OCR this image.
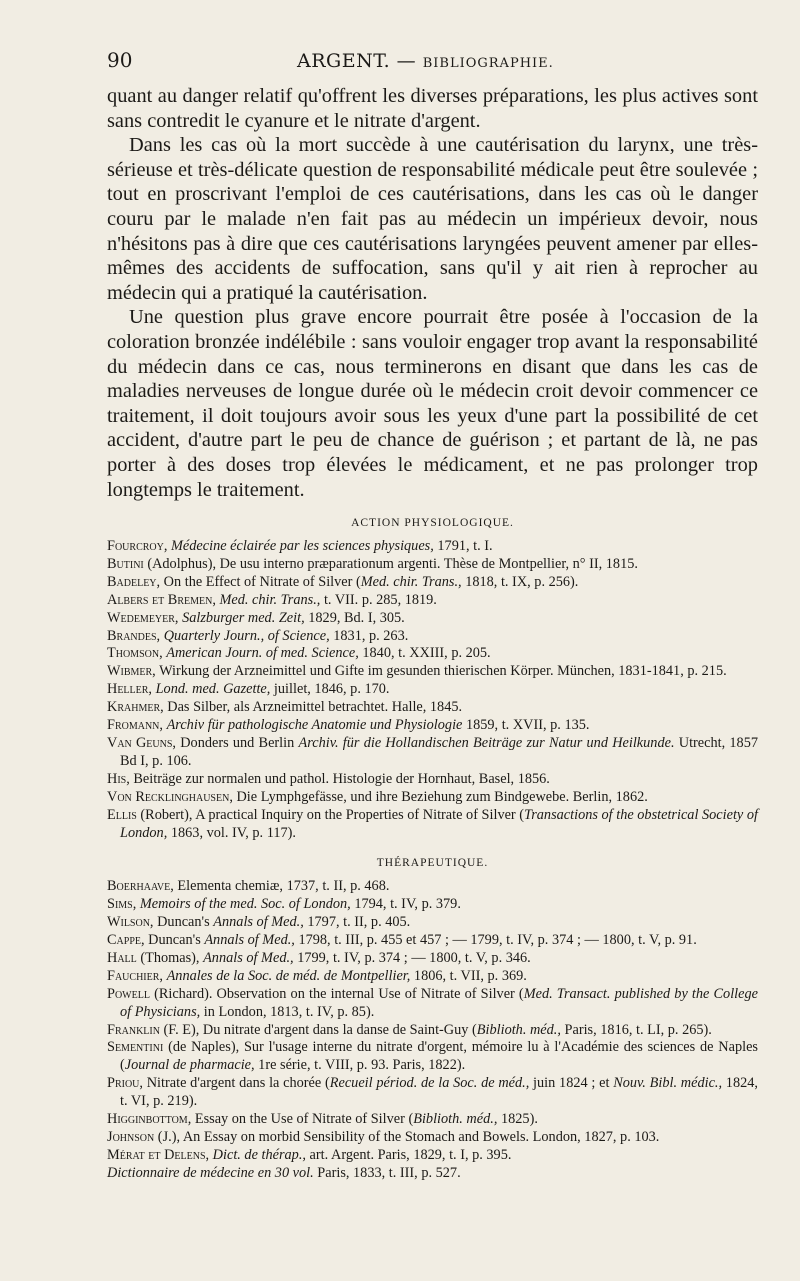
90	ARGENT. — BIBLIOGRAPHIE.

quant au danger relatif qu'offrent les diverses préparations, les plus actives sont sans contredit le cyanure et le nitrate d'argent.

Dans les cas où la mort succède à une cautérisation du larynx, une très-sérieuse et très-délicate question de responsabilité médicale peut être soulevée ; tout en proscrivant l'emploi de ces cautérisations, dans les cas où le danger couru par le malade n'en fait pas au médecin un impérieux devoir, nous n'hésitons pas à dire que ces cautérisations laryngées peuvent amener par elles-mêmes des accidents de suffocation, sans qu'il y ait rien à reprocher au médecin qui a pratiqué la cautérisation.

Une question plus grave encore pourrait être posée à l'occasion de la coloration bronzée indélébile : sans vouloir engager trop avant la responsabilité du médecin dans ce cas, nous terminerons en disant que dans les cas de maladies nerveuses de longue durée où le médecin croit devoir commencer ce traitement, il doit toujours avoir sous les yeux d'une part la possibilité de cet accident, d'autre part le peu de chance de guérison ; et partant de là, ne pas porter à des doses trop élevées le médicament, et ne pas prolonger trop longtemps le traitement.

ACTION PHYSIOLOGIQUE.

Fourcroy, Médecine éclairée par les sciences physiques, 1791, t. I.

Butini (Adolphus), De usu interno præparationum argenti. Thèse de Montpellier, n° II, 1815.

Badeley, On the Effect of Nitrate of Silver (Med. chir. Trans., 1818, t. IX, p. 256).

Albers et Bremen, Med. chir. Trans., t. VII. p. 285, 1819.

Wedemeyer, Salzburger med. Zeit, 1829, Bd. I, 305.

Brandes, Quarterly Journ., of Science, 1831, p. 263.

Thomson, American Journ. of med. Science, 1840, t. XXIII, p. 205.

Wibmer, Wirkung der Arzneimittel und Gifte im gesunden thierischen Körper. München, 1831-1841, p. 215.

Heller, Lond. med. Gazette, juillet, 1846, p. 170.

Krahmer, Das Silber, als Arzneimittel betrachtet. Halle, 1845.

Fromann, Archiv für pathologische Anatomie und Physiologie 1859, t. XVII, p. 135.

Van Geuns, Donders und Berlin Archiv. für die Hollandischen Beiträge zur Natur und Heilkunde. Utrecht, 1857 Bd I, p. 106.

His, Beiträge zur normalen und pathol. Histologie der Hornhaut, Basel, 1856.

Von Recklinghausen, Die Lymphgefässe, und ihre Beziehung zum Bindgewebe. Berlin, 1862.

Ellis (Robert), A practical Inquiry on the Properties of Nitrate of Silver (Transactions of the obstetrical Society of London, 1863, vol. IV, p. 117).

THÉRAPEUTIQUE.

Boerhaave, Elementa chemiæ, 1737, t. II, p. 468.

Sims, Memoirs of the med. Soc. of London, 1794, t. IV, p. 379.

Wilson, Duncan's Annals of Med., 1797, t. II, p. 405.

Cappe, Duncan's Annals of Med., 1798, t. III, p. 455 et 457 ; — 1799, t. IV, p. 374 ; — 1800, t. V, p. 91.

Hall (Thomas), Annals of Med., 1799, t. IV, p. 374 ; — 1800, t. V, p. 346.

Fauchier, Annales de la Soc. de méd. de Montpellier, 1806, t. VII, p. 369.

Powell (Richard). Observation on the internal Use of Nitrate of Silver (Med. Transact. published by the College of Physicians, in London, 1813, t. IV, p. 85).

Franklin (F. E), Du nitrate d'argent dans la danse de Saint-Guy (Biblioth. méd., Paris, 1816, t. LI, p. 265).

Sementini (de Naples), Sur l'usage interne du nitrate d'orgent, mémoire lu à l'Académie des sciences de Naples (Journal de pharmacie, 1re série, t. VIII, p. 93. Paris, 1822).

Priou, Nitrate d'argent dans la chorée (Recueil périod. de la Soc. de méd., juin 1824 ; et Nouv. Bibl. médic., 1824, t. VI, p. 219).

Higginbottom, Essay on the Use of Nitrate of Silver (Biblioth. méd., 1825).

Johnson (J.), An Essay on morbid Sensibility of the Stomach and Bowels. London, 1827, p. 103.

Mérat et Delens, Dict. de thérap., art. Argent. Paris, 1829, t. I, p. 395.

Dictionnaire de médecine en 30 vol. Paris, 1833, t. III, p. 527.
